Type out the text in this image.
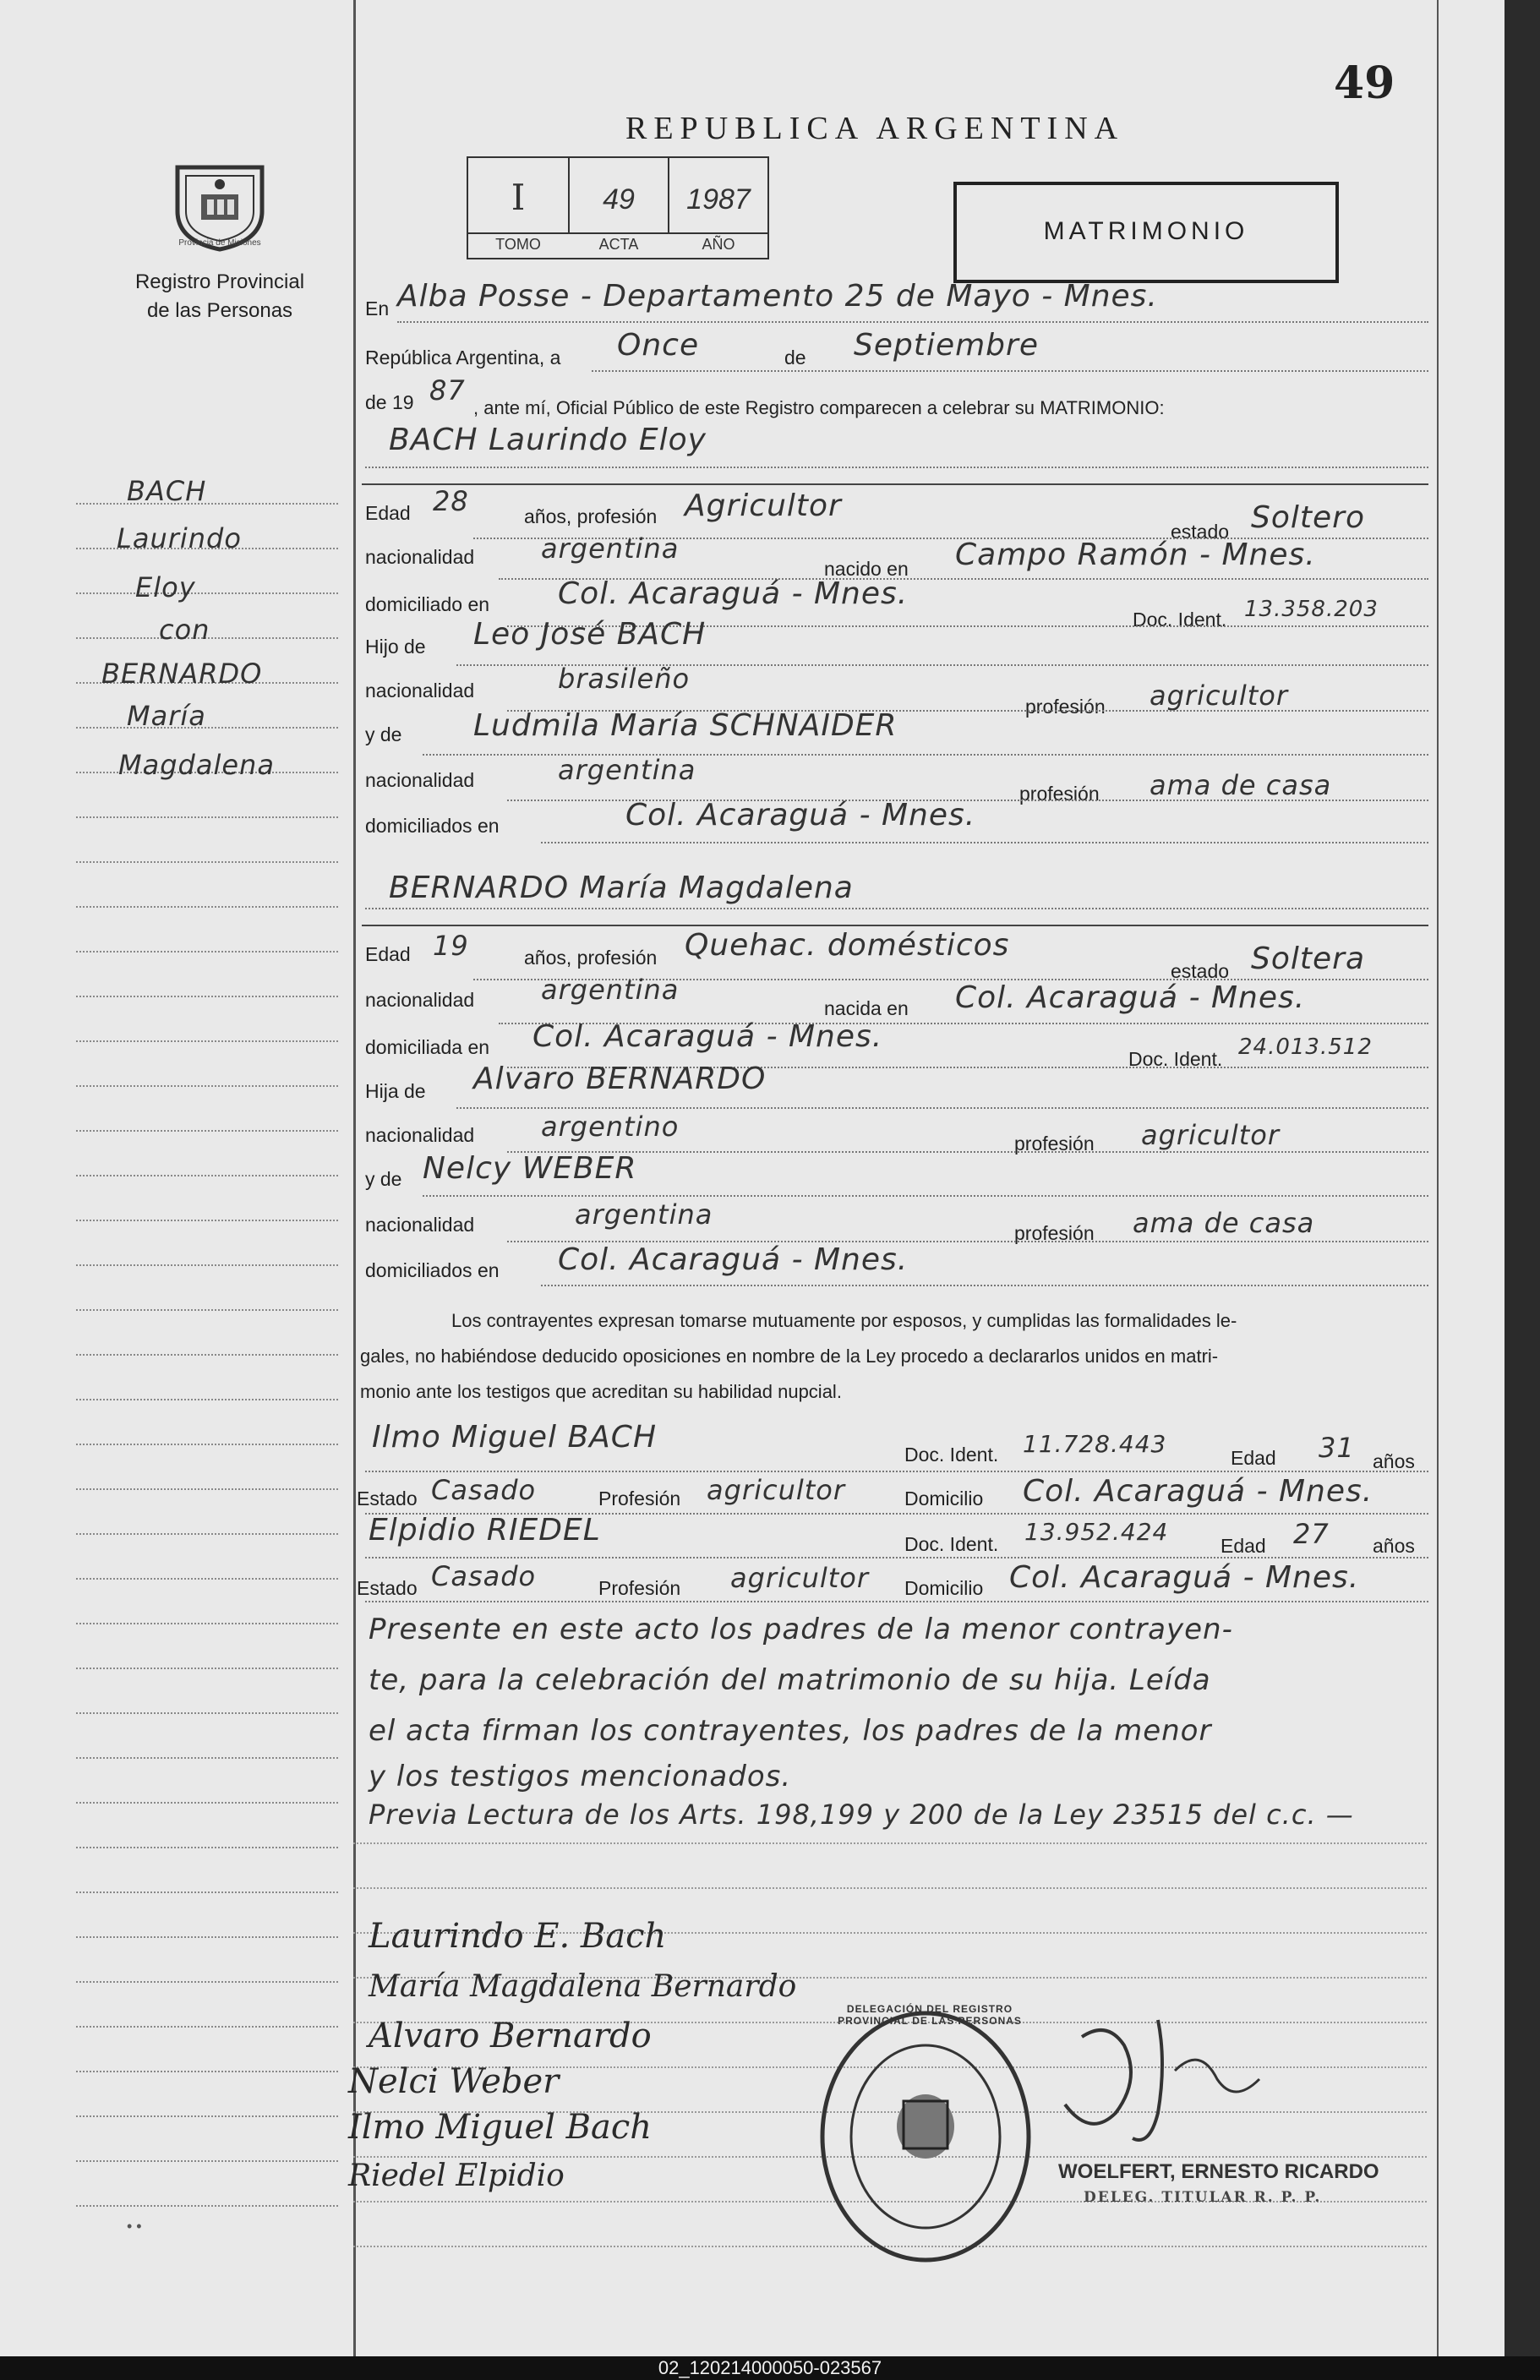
49
REPUBLICA ARGENTINA
Provincia de Misiones
Registro Provincial
de las Personas
I	49	1987
TOMO	ACTA	AÑO	MATRIMONIO
BACH
Laurindo
Eloy
con
BERNARDO
María
Magdalena
En Alba Posse - Departamento 25 de Mayo - Mnes.
República Argentina, a Once	de Septiembre
de 19 87
, ante mí, Oficial Público de este Registro comparecen a celebrar su MATRIMONIO:
BACH Laurindo Eloy
Edad 28	años, profesión Agricultor
estado Soltero
nacionalidad argentina
nacido en Campo Ramón - Mnes.
domiciliado en Col. Acaraguá - Mnes.
Doc. Ident. 13.358.203
Hijo de Leo José BACH
nacionalidad	brasileño
profesión agricultor
y de Ludmila María SCHNAIDER
nacionalidad	argentina
profesión ama de casa
domiciliados en	Col. Acaraguá - Mnes.
BERNARDO María Magdalena
Edad 19	años, profesión Quehac. domésticos
estado Soltera
nacionalidad argentina
nacida en Col. Acaraguá - Mnes.
domiciliada en Col. Acaraguá - Mnes.
Doc. Ident. 24.013.512
Hija de Alvaro BERNARDO
nacionalidad argentino
profesión agricultor
y de Nelcy WEBER
nacionalidad	argentina
profesión ama de casa
domiciliados en Col. Acaraguá - Mnes.
Los contrayentes expresan tomarse mutuamente por esposos, y cumplidas las formalidades le-
gales, no habiéndose deducido oposiciones en nombre de la Ley procedo a declararlos unidos en matri-
monio ante los testigos que acreditan su habilidad nupcial.
Ilmo Miguel BACH	Doc. Ident. 11.728.443	Edad 31 años
Estado Casado	Profesión agricultor	Domicilio Col. Acaraguá - Mnes.
Elpidio RIEDEL	Doc. Ident. 13.952.424	Edad 27 años
Estado Casado	Profesión agricultor Domicilio Col. Acaraguá - Mnes.
Presente en este acto los padres de la menor contrayen-
te, para la celebración del matrimonio de su hija. Leída
el acta firman los contrayentes, los padres de la menor
y los testigos mencionados.
Previa Lectura de los Arts. 198,199 y 200 de la Ley 23515 del c.c. —
Laurindo E. Bach
María Magdalena Bernardo
Alvaro Bernardo
Nelci Weber
Ilmo Miguel Bach
Riedel Elpidio
DELEGACIÓN DEL REGISTRO PROVINCIAL DE LAS PERSONAS
WOELFERT, ERNESTO RICARDO
DELEG. TITULAR R. P. P.
• •
02_120214000050-023567
